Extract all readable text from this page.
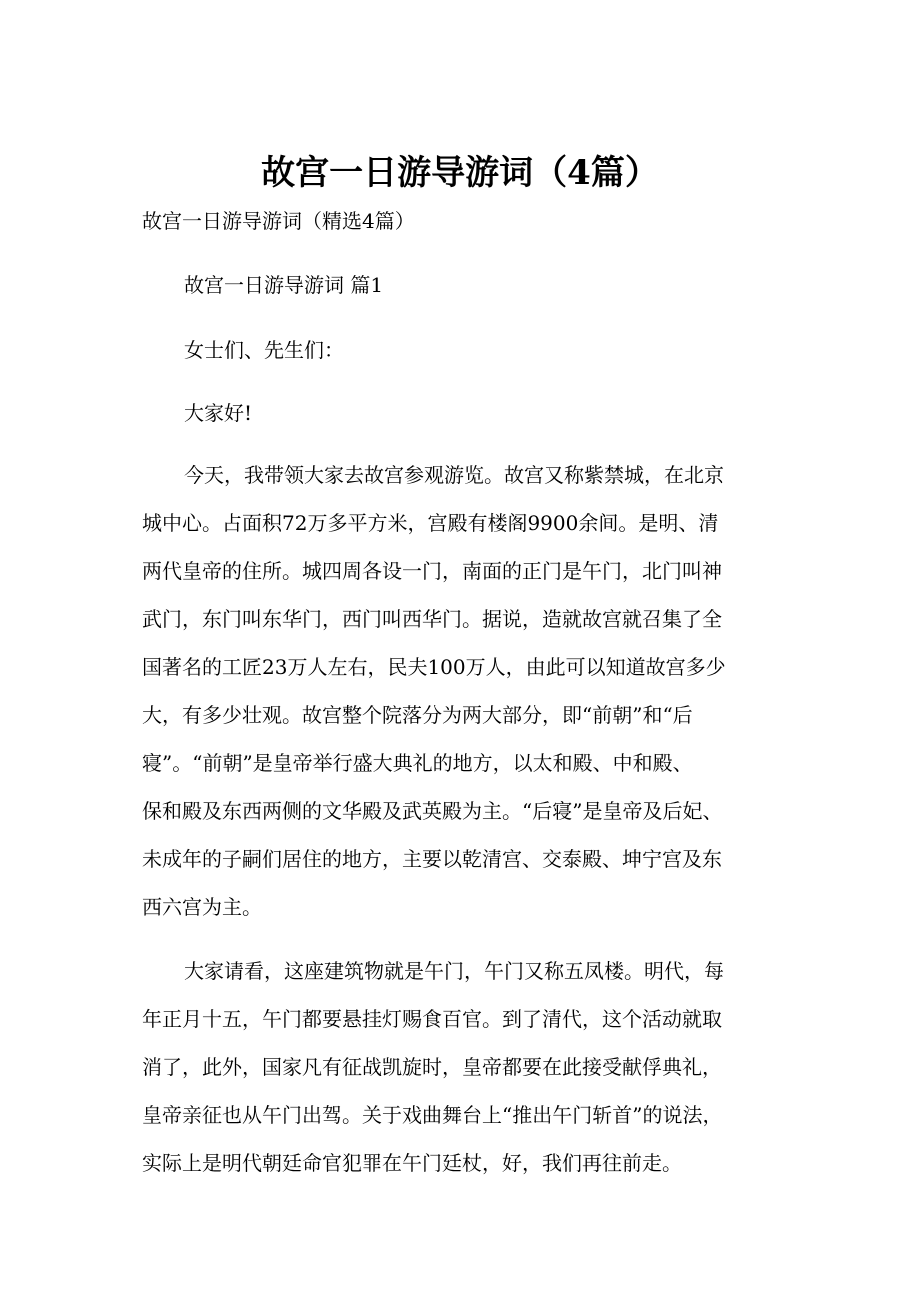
故宫一日游导游词（4篇）
故宫一日游导游词（精选4篇）
故宫一日游导游词 篇1
女士们、先生们：
大家好!
今天，我带领大家去故宫参观游览。故宫又称紫禁城，在北京
城中心。占面积72万多平方米，宫殿有楼阁9900余间。是明、清
两代皇帝的住所。城四周各设一门，南面的正门是午门，北门叫神
武门，东门叫东华门，西门叫西华门。据说，造就故宫就召集了全
国著名的工匠23万人左右，民夫100万人，由此可以知道故宫多少
大，有多少壮观。故宫整个院落分为两大部分，即“前朝”和“后
寝”。“前朝”是皇帝举行盛大典礼的地方，以太和殿、中和殿、
保和殿及东西两侧的文华殿及武英殿为主。“后寝”是皇帝及后妃、
未成年的子嗣们居住的地方，主要以乾清宫、交泰殿、坤宁宫及东
西六宫为主。
大家请看，这座建筑物就是午门，午门又称五凤楼。明代，每
年正月十五，午门都要悬挂灯赐食百官。到了清代，这个活动就取
消了，此外，国家凡有征战凯旋时，皇帝都要在此接受献俘典礼，
皇帝亲征也从午门出驾。关于戏曲舞台上“推出午门斩首”的说法，
实际上是明代朝廷命官犯罪在午门廷杖，好，我们再往前走。
